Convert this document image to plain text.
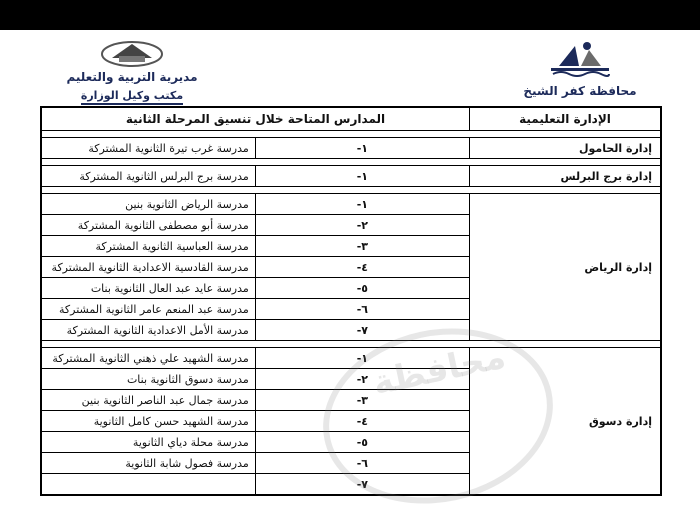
محافظة كفر الشيخ
مديرية التربية والتعليم
مكتب وكيل الوزارة
الإدارة التعليمية	المدارس المتاحة خلال تنسيق المرحلة الثانية	

إدارة الحامول	١-	مدرسة غرب تيرة الثانوية المشتركة

إدارة برج البرلس	١-	مدرسة برج البرلس الثانوية المشتركة

إدارة الرياض	١-	مدرسة الرياض الثانوية بنين
	٢-	مدرسة أبو مصطفى الثانوية المشتركة
	٣-	مدرسة العباسية الثانوية المشتركة
	٤-	مدرسة القادسية الاعدادية الثانوية المشتركة
	٥-	مدرسة عايد عبد العال الثانوية بنات
	٦-	مدرسة عبد المنعم عامر الثانوية المشتركة
	٧-	مدرسة الأمل الاعدادية الثانوية المشتركة

إدارة دسوق	١-	مدرسة الشهيد علي ذهني الثانوية المشتركة
	٢-	مدرسة دسوق الثانوية بنات
	٣-	مدرسة جمال عبد الناصر الثانوية بنين
	٤-	مدرسة الشهيد حسن كامل الثانوية
	٥-	مدرسة محلة دياي الثانوية
	٦-	مدرسة فصول شابة الثانوية
	٧-	
محافظة
